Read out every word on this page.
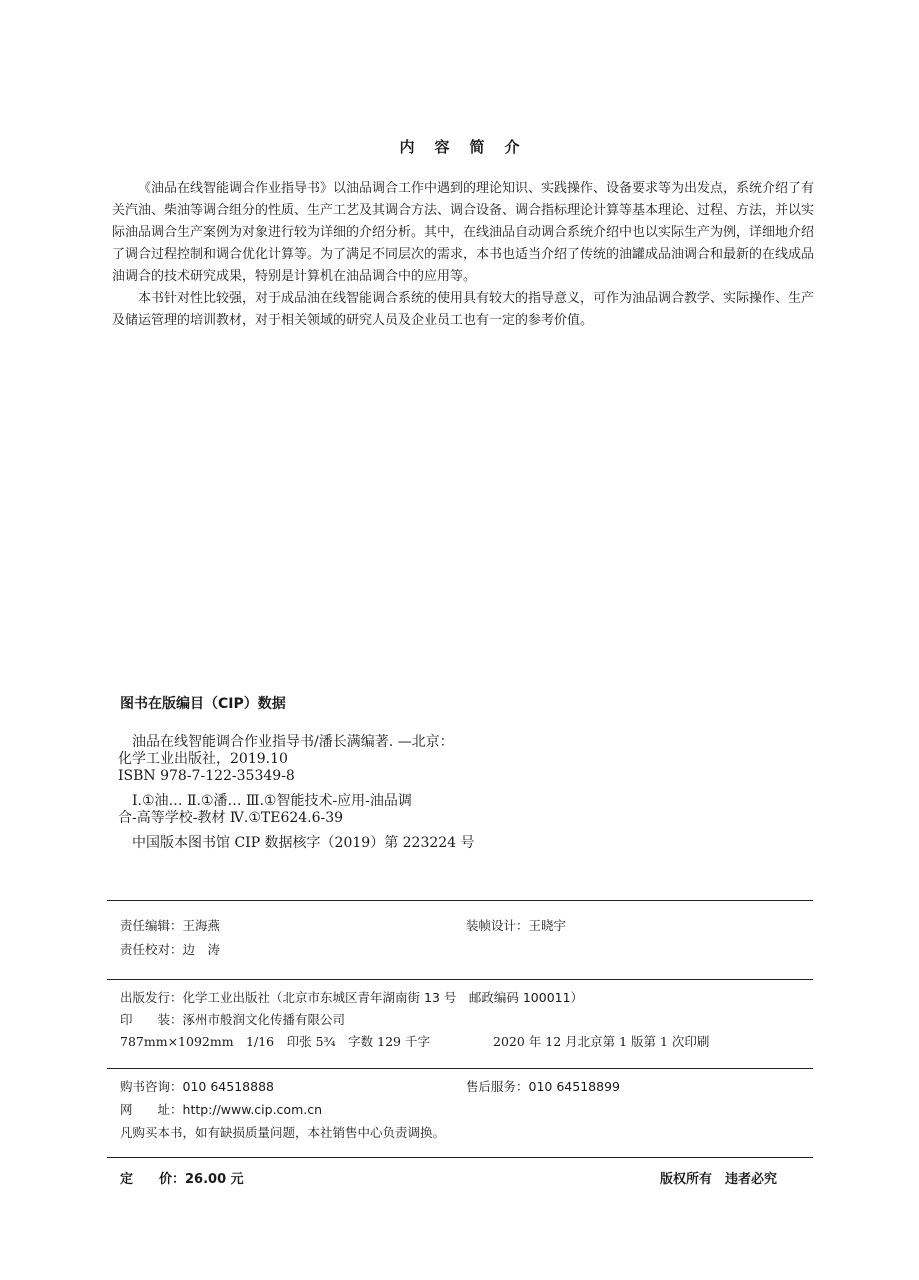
内容简介

《油品在线智能调合作业指导书》以油品调合工作中遇到的理论知识、实践操作、设备要求等为出发点，系统介绍了有关汽油、柴油等调合组分的性质、生产工艺及其调合方法、调合设备、调合指标理论计算等基本理论、过程、方法，并以实际油品调合生产案例为对象进行较为详细的介绍分析。其中，在线油品自动调合系统介绍中也以实际生产为例，详细地介绍了调合过程控制和调合优化计算等。为了满足不同层次的需求，本书也适当介绍了传统的油罐成品油调合和最新的在线成品油调合的技术研究成果，特别是计算机在油品调合中的应用等。

本书针对性比较强，对于成品油在线智能调合系统的使用具有较大的指导意义，可作为油品调合教学、实际操作、生产及储运管理的培训教材，对于相关领域的研究人员及企业员工也有一定的参考价值。

图书在版编目（CIP）数据
油品在线智能调合作业指导书/潘长满编著. —北京：
化学工业出版社，2019.10
ISBN 978-7-122-35349-8
Ⅰ.①油… Ⅱ.①潘… Ⅲ.①智能技术-应用-油品调
合-高等学校-教材 Ⅳ.①TE624.6-39
中国版本图书馆 CIP 数据核字（2019）第 223224 号
责任编辑：王海燕	装帧设计：王晓宇
责任校对：边　涛
出版发行：化学工业出版社（北京市东城区青年湖南街 13 号　邮政编码 100011）
印　　装：涿州市般润文化传播有限公司
787mm×1092mm　1/16　印张 5¾　字数 129 千字	2020 年 12 月北京第 1 版第 1 次印刷
购书咨询：010 64518888	售后服务：010 64518899
网　　址：http://www.cip.com.cn
凡购买本书，如有缺损质量问题，本社销售中心负责调换。
定　　价：26.00 元	版权所有　违者必究
